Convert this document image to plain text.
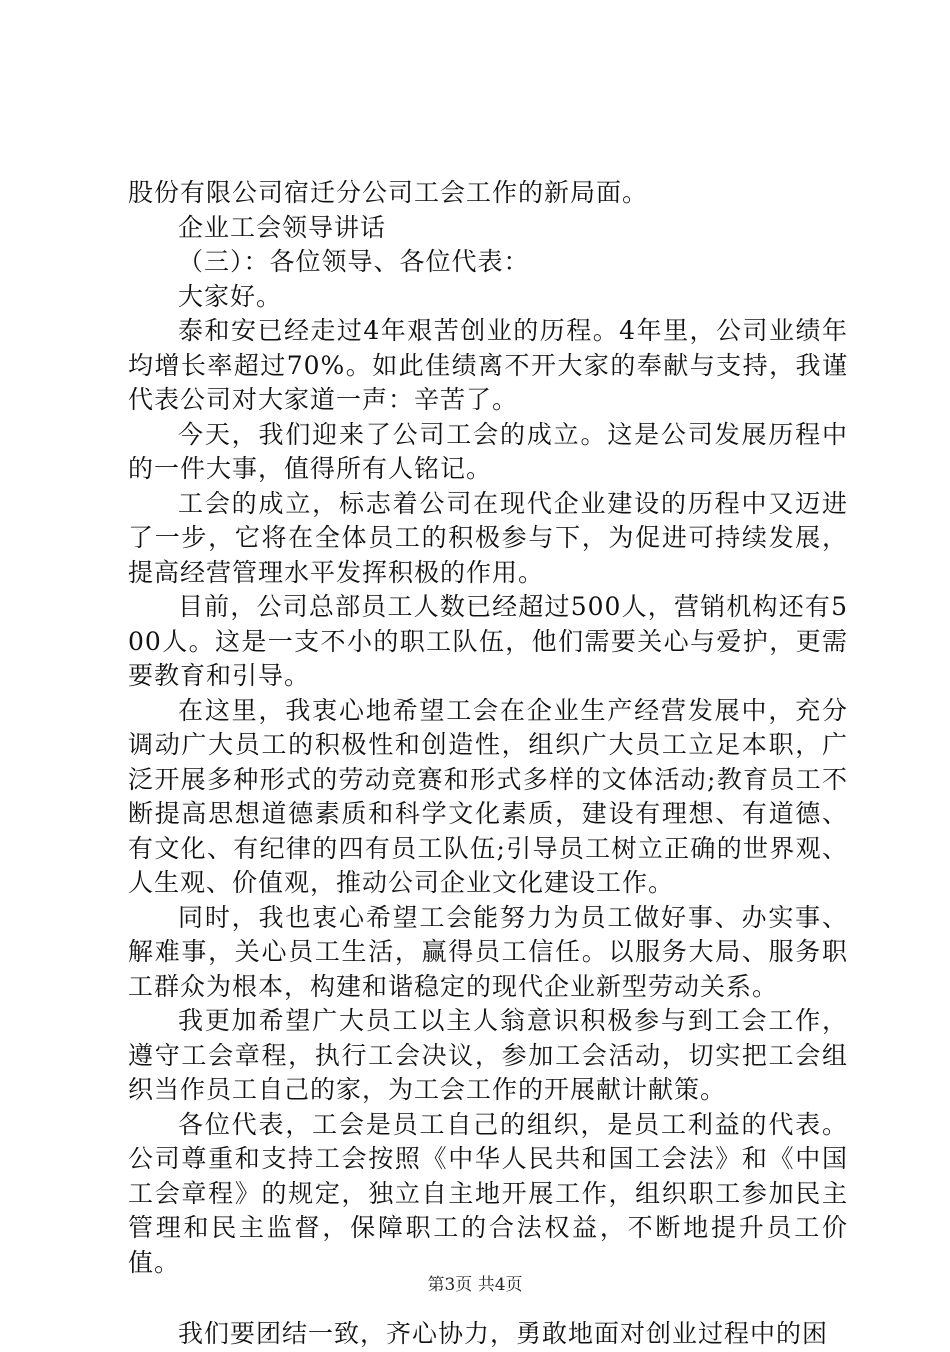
股份有限公司宿迁分公司工会工作的新局面。

企业工会领导讲话

（三）：各位领导、各位代表：

大家好。

泰和安已经走过4年艰苦创业的历程。4年里，公司业绩年均增长率超过70%。如此佳绩离不开大家的奉献与支持，我谨代表公司对大家道一声：辛苦了。

今天，我们迎来了公司工会的成立。这是公司发展历程中的一件大事，值得所有人铭记。

工会的成立，标志着公司在现代企业建设的历程中又迈进了一步，它将在全体员工的积极参与下，为促进可持续发展，提高经营管理水平发挥积极的作用。

目前，公司总部员工人数已经超过500人，营销机构还有500人。这是一支不小的职工队伍，他们需要关心与爱护，更需要教育和引导。

在这里，我衷心地希望工会在企业生产经营发展中，充分调动广大员工的积极性和创造性，组织广大员工立足本职，广泛开展多种形式的劳动竞赛和形式多样的文体活动;教育员工不断提高思想道德素质和科学文化素质，建设有理想、有道德、有文化、有纪律的四有员工队伍;引导员工树立正确的世界观、人生观、价值观，推动公司企业文化建设工作。

同时，我也衷心希望工会能努力为员工做好事、办实事、解难事，关心员工生活，赢得员工信任。以服务大局、服务职工群众为根本，构建和谐稳定的现代企业新型劳动关系。

我更加希望广大员工以主人翁意识积极参与到工会工作，遵守工会章程，执行工会决议，参加工会活动，切实把工会组织当作员工自己的家，为工会工作的开展献计献策。

各位代表，工会是员工自己的组织，是员工利益的代表。公司尊重和支持工会按照《中华人民共和国工会法》和《中国工会章程》的规定，独立自主地开展工作，组织职工参加民主管理和民主监督，保障职工的合法权益，不断地提升员工价值。

我们要团结一致，齐心协力，勇敢地面对创业过程中的困

第3页 共4页
